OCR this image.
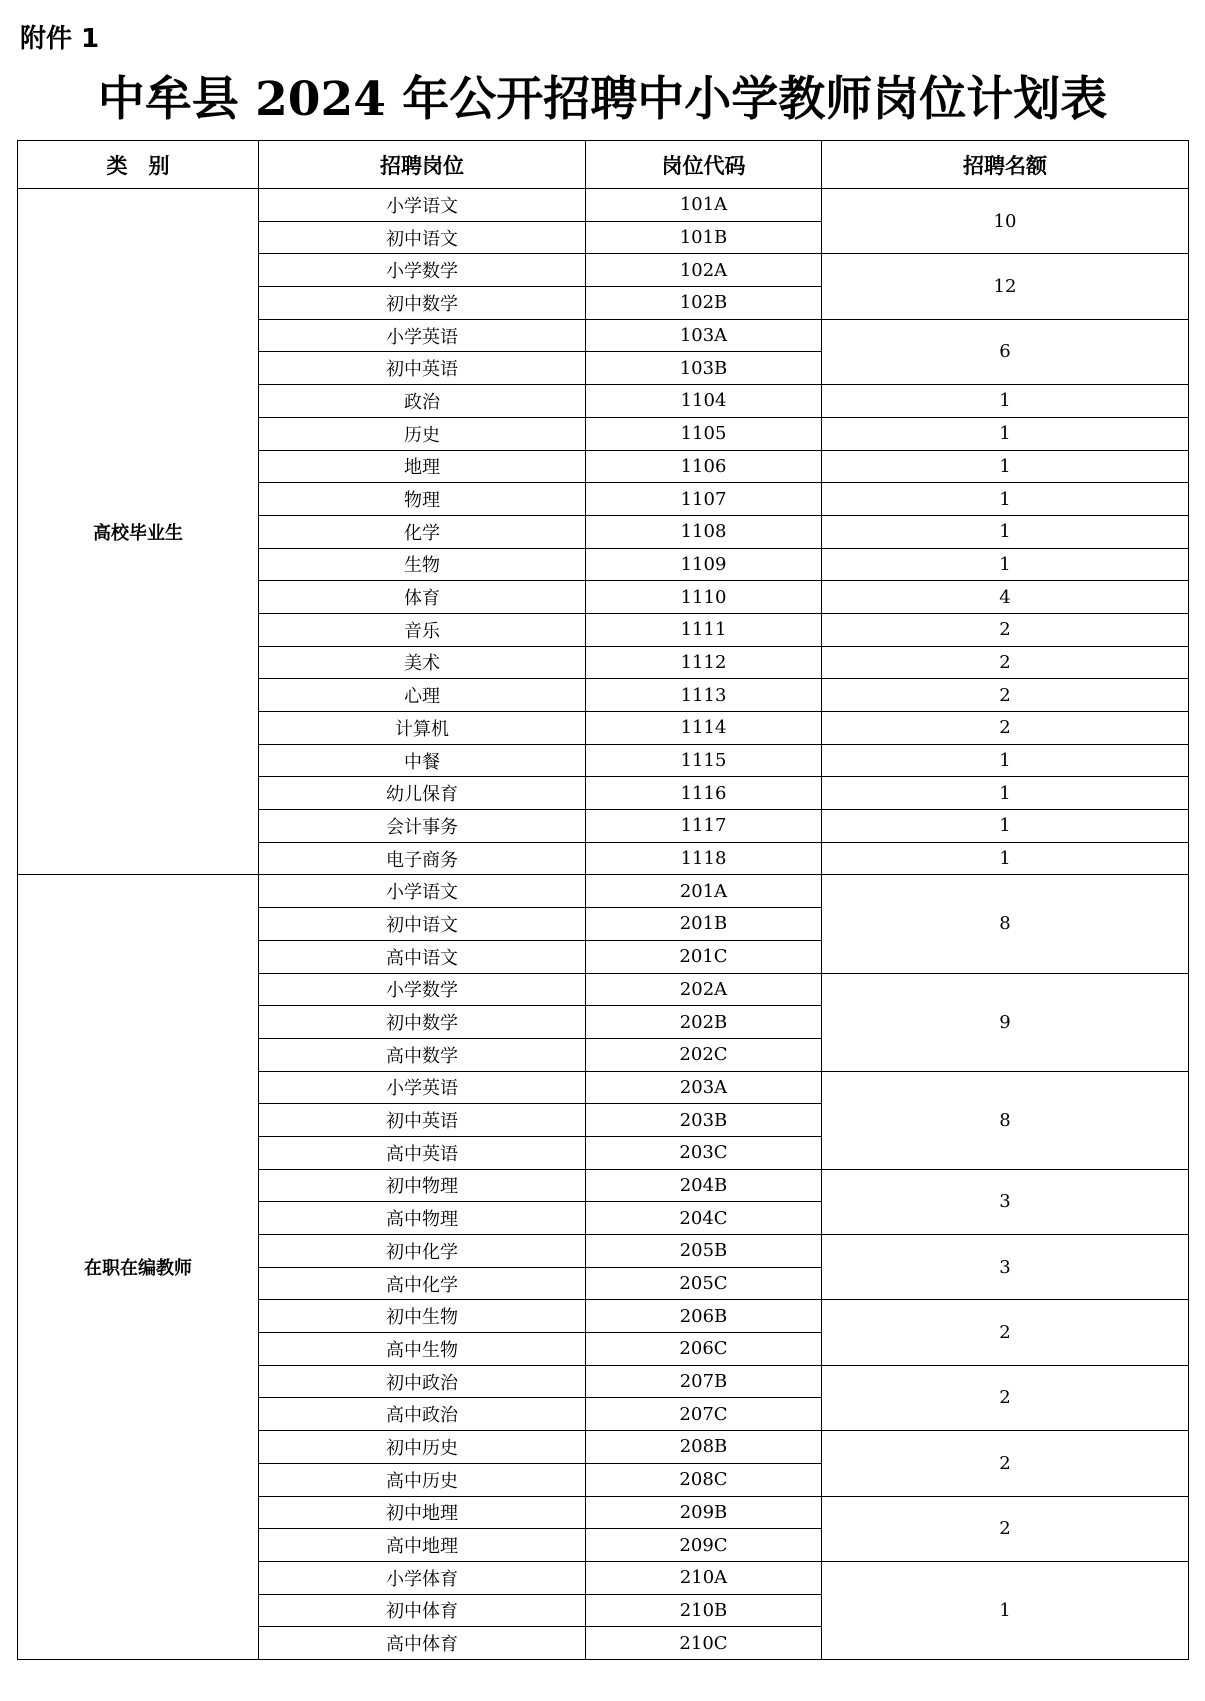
附件 1
中牟县 2024 年公开招聘中小学教师岗位计划表
类　别	招聘岗位	岗位代码	招聘名额
高校毕业生	小学语文	101A	10
	初中语文	101B	
	小学数学	102A	12
	初中数学	102B	
	小学英语	103A	6
	初中英语	103B	
	政治	1104	1
	历史	1105	1
	地理	1106	1
	物理	1107	1
	化学	1108	1
	生物	1109	1
	体育	1110	4
	音乐	1111	2
	美术	1112	2
	心理	1113	2
	计算机	1114	2
	中餐	1115	1
	幼儿保育	1116	1
	会计事务	1117	1
	电子商务	1118	1
在职在编教师	小学语文	201A	8
	初中语文	201B	
	高中语文	201C	
	小学数学	202A	9
	初中数学	202B	
	高中数学	202C	
	小学英语	203A	8
	初中英语	203B	
	高中英语	203C	
	初中物理	204B	3
	高中物理	204C	
	初中化学	205B	3
	高中化学	205C	
	初中生物	206B	2
	高中生物	206C	
	初中政治	207B	2
	高中政治	207C	
	初中历史	208B	2
	高中历史	208C	
	初中地理	209B	2
	高中地理	209C	
	小学体育	210A	1
	初中体育	210B	
	高中体育	210C	
